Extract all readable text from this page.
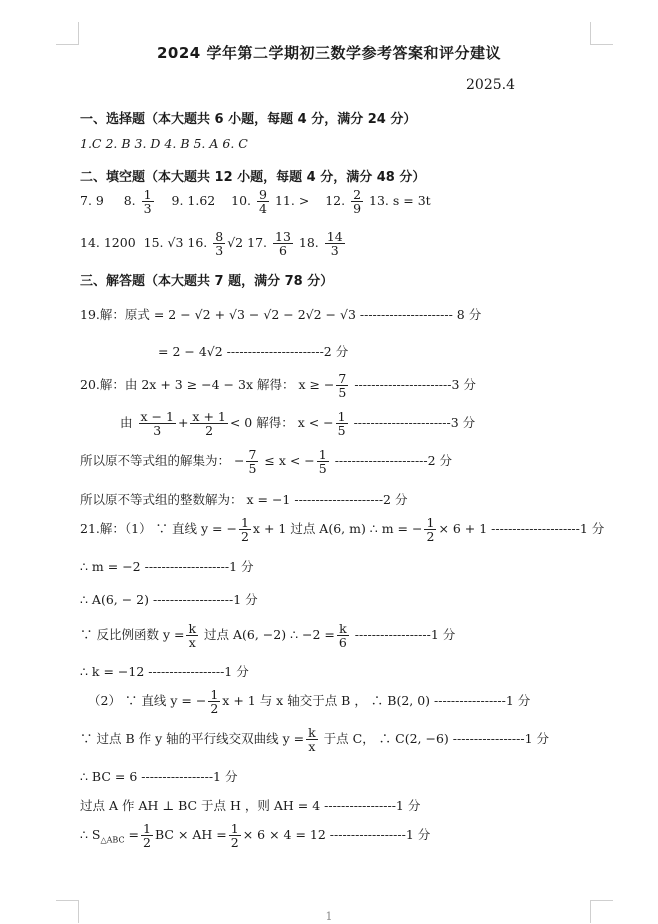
2024 学年第二学期初三数学参考答案和评分建议
2025.4
一、选择题（本大题共 6 小题，每题 4 分，满分 24 分）
1.C 2. B 3. D 4. B 5. A 6. C
二、填空题（本大题共 12 小题，每题 4 分，满分 48 分）
7. 9 8. $\frac{1}{3} 9$. 1.62 10. $\frac{9}{4} 11$. > 12. $\frac{2}{9} 13$. s = 3t
14. 1200 15. √3 16. $\frac{8}{3} √2$ 17. $\frac{13}{6} 18$. $\frac{14}{3}$
三、解答题（本大题共 7 题，满分 78 分）
19.解：原式 = 2 − √2 + √3 − √2 − 2√2 − √3 ---------------------- 8 分
= 2 − 4√2 -----------------------2 分
20.解：由 2x + 3 ≥ −4 − 3x 解得： x ≥ − $\frac{7}{5} -----------------------3$ 分
由 $\frac{x - 1}{3} + \frac{x + 1}{2} < 0$ 解得： x < − $\frac{1}{5} -----------------------3$ 分
所以原不等式组的解集为： − $\frac{7}{5} \le x$ < − $\frac{1}{5} ----------------------2$ 分
所以原不等式组的整数解为： x = −1 ---------------------2 分
21.解：（1） ∵ 直线 y = − $\frac{1}{2}$ x + 1 过点 A(6, m) ∴ m = − $\frac{1}{2} \times 6 + 1$ ---------------------1 分
∴ m = −2 --------------------1 分
∴ A(6, − 2) -------------------1 分
∵ 反比例函数 $y = \frac{k}{x}$ 过点 A(6, −2) ∴ $-2 = \frac{k}{6} ------------------1$ 分
∴ k = −12 ------------------1 分
（2） ∵ 直线 y = − $\frac{1}{2}$ x + 1 与 x 轴交于点 B ， ∴ B(2, 0) -----------------1 分
∵ 过点 B 作 y 轴的平行线交双曲线 $y = \frac{k}{x}$ 于点 C， ∴ C(2, −6) -----------------1 分
∴ BC = 6 -----------------1 分
过点 A 作 AH ⊥ BC 于点 H ，则 AH = 4 -----------------1 分
∴ $S_{\triangle ABC} = \frac{1}{2}$ BC × AH = $\frac{1}{2} \times 6 \times 4 = 12$ ------------------1 分
1
